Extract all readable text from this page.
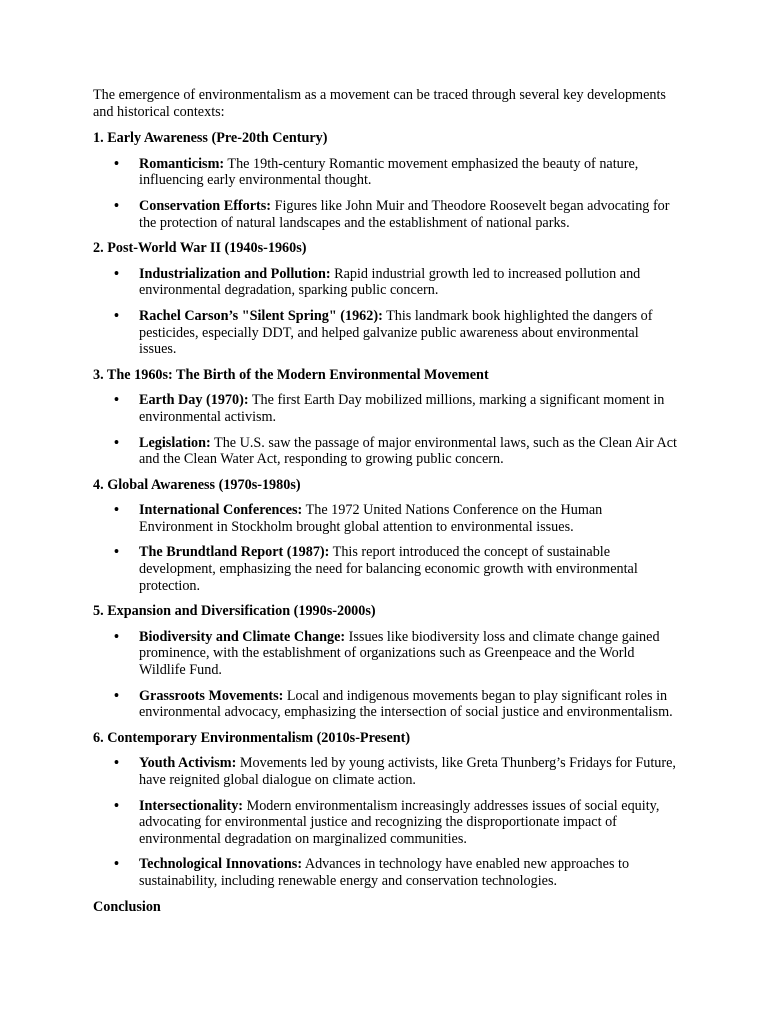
The emergence of environmentalism as a movement can be traced through several key developments and historical contexts:

1. Early Awareness (Pre-20th Century)

• Romanticism: The 19th-century Romantic movement emphasized the beauty of nature, influencing early environmental thought.
• Conservation Efforts: Figures like John Muir and Theodore Roosevelt began advocating for the protection of natural landscapes and the establishment of national parks.

2. Post-World War II (1940s-1960s)

• Industrialization and Pollution: Rapid industrial growth led to increased pollution and environmental degradation, sparking public concern.
• Rachel Carson’s "Silent Spring" (1962): This landmark book highlighted the dangers of pesticides, especially DDT, and helped galvanize public awareness about environmental issues.

3. The 1960s: The Birth of the Modern Environmental Movement

• Earth Day (1970): The first Earth Day mobilized millions, marking a significant moment in environmental activism.
• Legislation: The U.S. saw the passage of major environmental laws, such as the Clean Air Act and the Clean Water Act, responding to growing public concern.

4. Global Awareness (1970s-1980s)

• International Conferences: The 1972 United Nations Conference on the Human Environment in Stockholm brought global attention to environmental issues.
• The Brundtland Report (1987): This report introduced the concept of sustainable development, emphasizing the need for balancing economic growth with environmental protection.

5. Expansion and Diversification (1990s-2000s)

• Biodiversity and Climate Change: Issues like biodiversity loss and climate change gained prominence, with the establishment of organizations such as Greenpeace and the World Wildlife Fund.
• Grassroots Movements: Local and indigenous movements began to play significant roles in environmental advocacy, emphasizing the intersection of social justice and environmentalism.

6. Contemporary Environmentalism (2010s-Present)

• Youth Activism: Movements led by young activists, like Greta Thunberg’s Fridays for Future, have reignited global dialogue on climate action.
• Intersectionality: Modern environmentalism increasingly addresses issues of social equity, advocating for environmental justice and recognizing the disproportionate impact of environmental degradation on marginalized communities.
• Technological Innovations: Advances in technology have enabled new approaches to sustainability, including renewable energy and conservation technologies.

Conclusion
